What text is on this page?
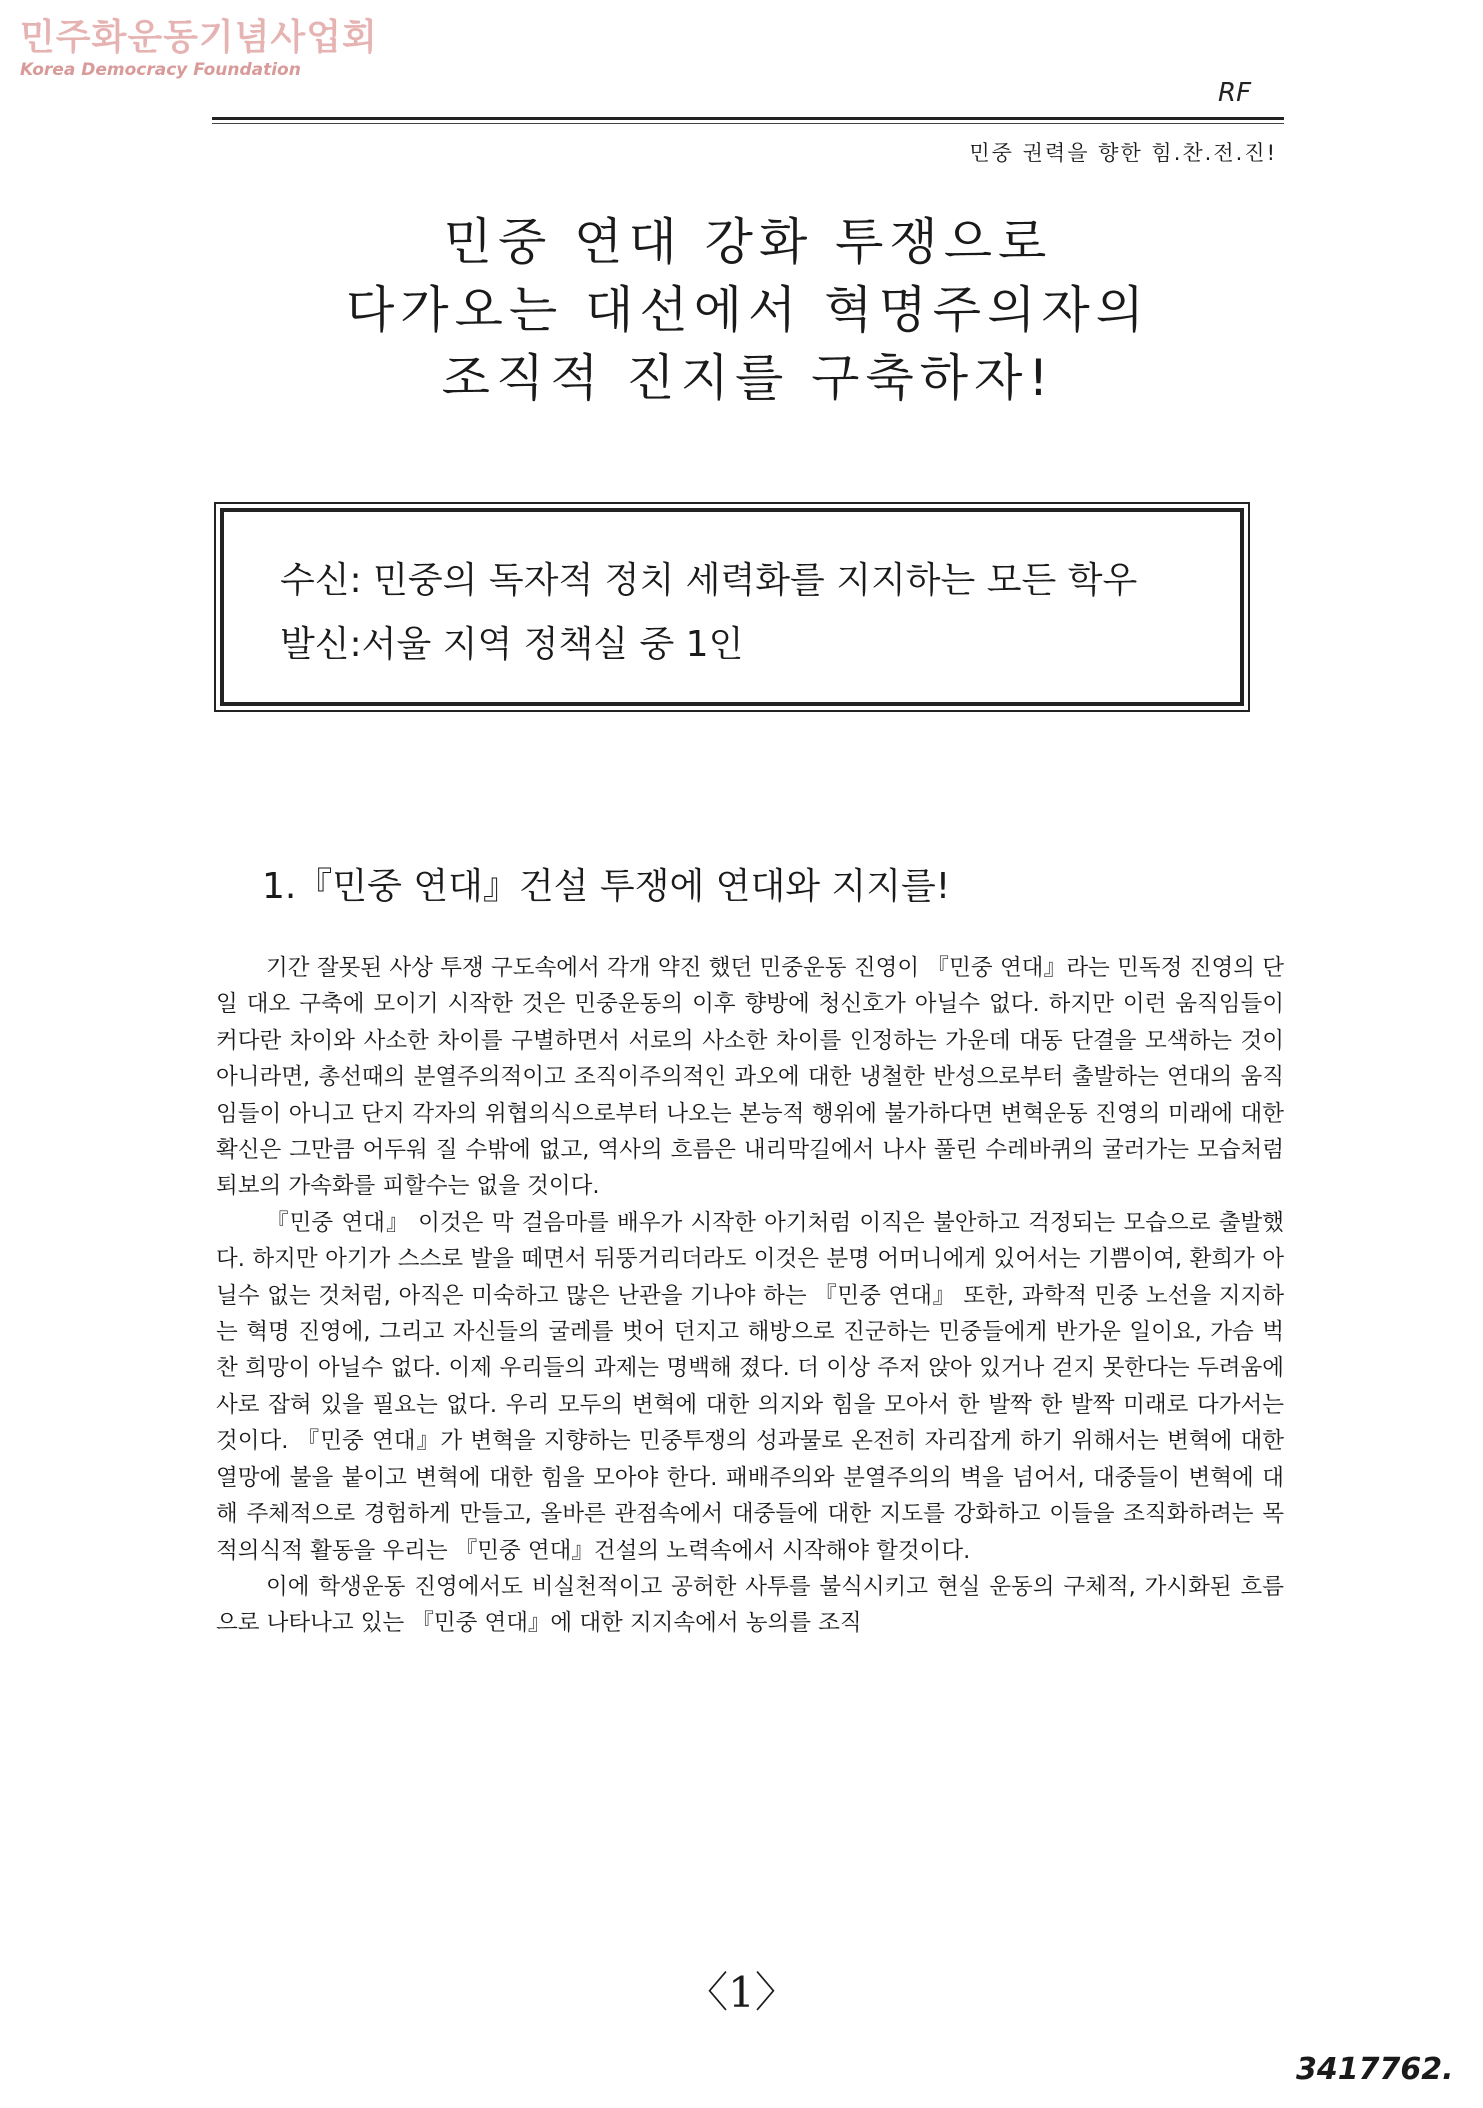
민주화운동기념사업회
Korea Democracy Foundation
RF
민중 권력을 향한 힘.찬.전.진!
민중 연대 강화 투쟁으로
다가오는 대선에서 혁명주의자의
조직적 진지를 구축하자!
수신: 민중의 독자적 정치 세력화를 지지하는 모든 학우
발신:서울 지역 정책실 중 1인
1.『민중 연대』건설 투쟁에 연대와 지지를!

기간 잘못된 사상 투쟁 구도속에서 각개 약진 했던 민중운동 진영이 『민중 연대』라는 민독정 진영의 단일 대오 구축에 모이기 시작한 것은 민중운동의 이후 향방에 청신호가 아닐수 없다. 하지만 이런 움직임들이 커다란 차이와 사소한 차이를 구별하면서 서로의 사소한 차이를 인정하는 가운데 대동 단결을 모색하는 것이 아니라면, 총선때의 분열주의적이고 조직이주의적인 과오에 대한 냉철한 반성으로부터 출발하는 연대의 움직임들이 아니고 단지 각자의 위협의식으로부터 나오는 본능적 행위에 불가하다면 변혁운동 진영의 미래에 대한 확신은 그만큼 어두워 질 수밖에 없고, 역사의 흐름은 내리막길에서 나사 풀린 수레바퀴의 굴러가는 모습처럼 퇴보의 가속화를 피할수는 없을 것이다.

『민중 연대』 이것은 막 걸음마를 배우가 시작한 아기처럼 이직은 불안하고 걱정되는 모습으로 출발했다. 하지만 아기가 스스로 발을 떼면서 뒤뚱거리더라도 이것은 분명 어머니에게 있어서는 기쁨이여, 환희가 아닐수 없는 것처럼, 아직은 미숙하고 많은 난관을 기나야 하는 『민중 연대』 또한, 과학적 민중 노선을 지지하는 혁명 진영에, 그리고 자신들의 굴레를 벗어 던지고 해방으로 진군하는 민중들에게 반가운 일이요, 가슴 벅찬 희망이 아닐수 없다. 이제 우리들의 과제는 명백해 졌다. 더 이상 주저 앉아 있거나 걷지 못한다는 두려움에 사로 잡혀 있을 필요는 없다. 우리 모두의 변혁에 대한 의지와 힘을 모아서 한 발짝 한 발짝 미래로 다가서는 것이다. 『민중 연대』가 변혁을 지향하는 민중투쟁의 성과물로 온전히 자리잡게 하기 위해서는 변혁에 대한 열망에 불을 붙이고 변혁에 대한 힘을 모아야 한다. 패배주의와 분열주의의 벽을 넘어서, 대중들이 변혁에 대해 주체적으로 경험하게 만들고, 올바른 관점속에서 대중들에 대한 지도를 강화하고 이들을 조직화하려는 목적의식적 활동을 우리는 『민중 연대』건설의 노력속에서 시작해야 할것이다.

이에 학생운동 진영에서도 비실천적이고 공허한 사투를 불식시키고 현실 운동의 구체적, 가시화된 흐름으로 나타나고 있는 『민중 연대』에 대한 지지속에서 농의를 조직

〈1〉
3417762.
